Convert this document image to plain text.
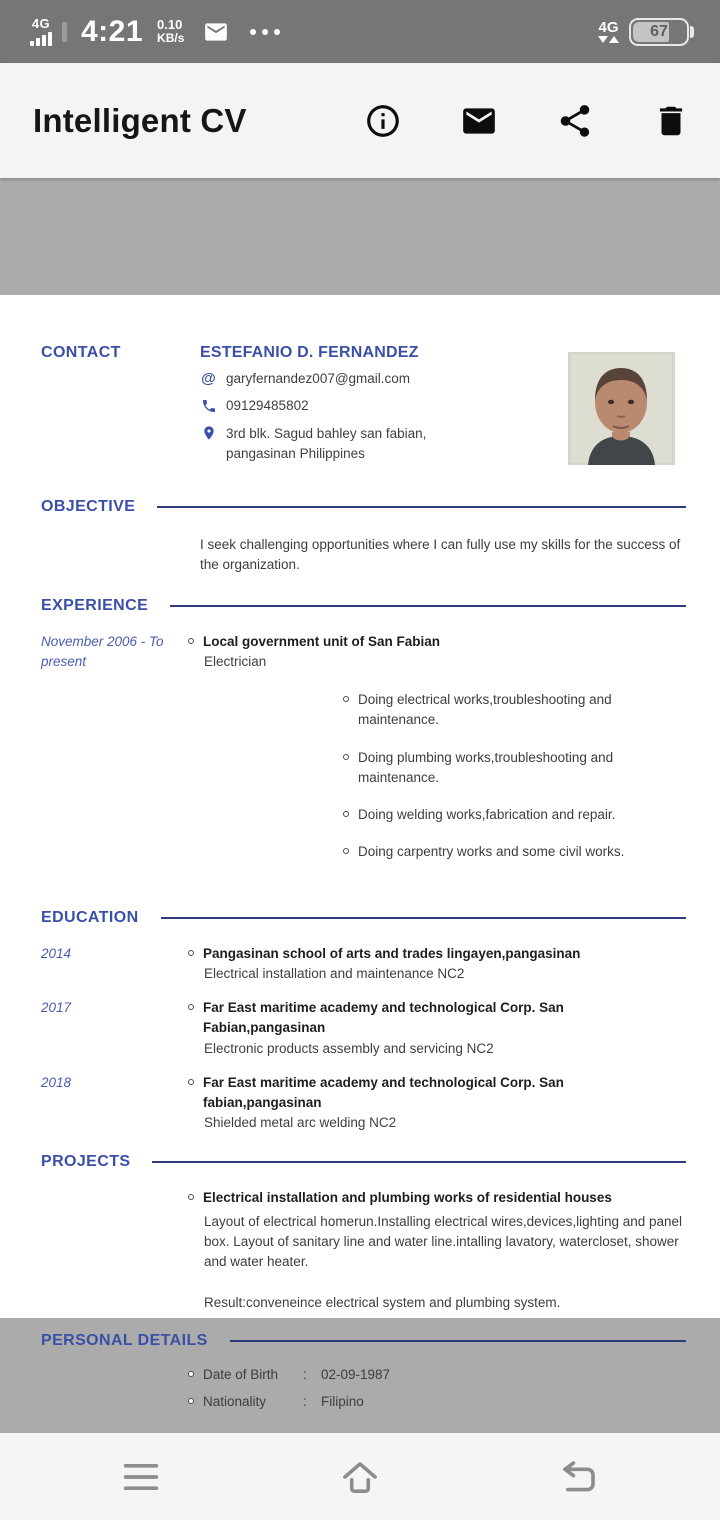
4G 4:21 0.10
KB/s
4G	67
Intelligent CV
CONTACT	ESTEFANIO D. FERNANDEZ
@ garyfernandez007@gmail.com
09129485802
3rd blk. Sagud bahley san fabian, pangasinan Philippines
OBJECTIVE
I seek challenging opportunities where I can fully use my skills for the success of the organization.
EXPERIENCE
November 2006 - To present
Local government unit of San Fabian
Electrician
Doing electrical works,troubleshooting and maintenance.
Doing plumbing works,troubleshooting and maintenance.
Doing welding works,fabrication and repair.
Doing carpentry works and some civil works.
EDUCATION
2014	Pangasinan school of arts and trades lingayen,pangasinan
Electrical installation and maintenance NC2
2017	Far East maritime academy and technological Corp. San Fabian,pangasinan
Electronic products assembly and servicing NC2
2018	Far East maritime academy and technological Corp. San fabian,pangasinan
Shielded metal arc welding NC2
PROJECTS
Electrical installation and plumbing works of residential houses
Layout of electrical homerun.Installing electrical wires,devices,lighting and panel box. Layout of sanitary line and water line.intalling lavatory, watercloset, shower and water heater.
Result:conveneince electrical system and plumbing system.
PERSONAL DETAILS
Date of Birth	:	02-09-1987
Nationality	:	Filipino
